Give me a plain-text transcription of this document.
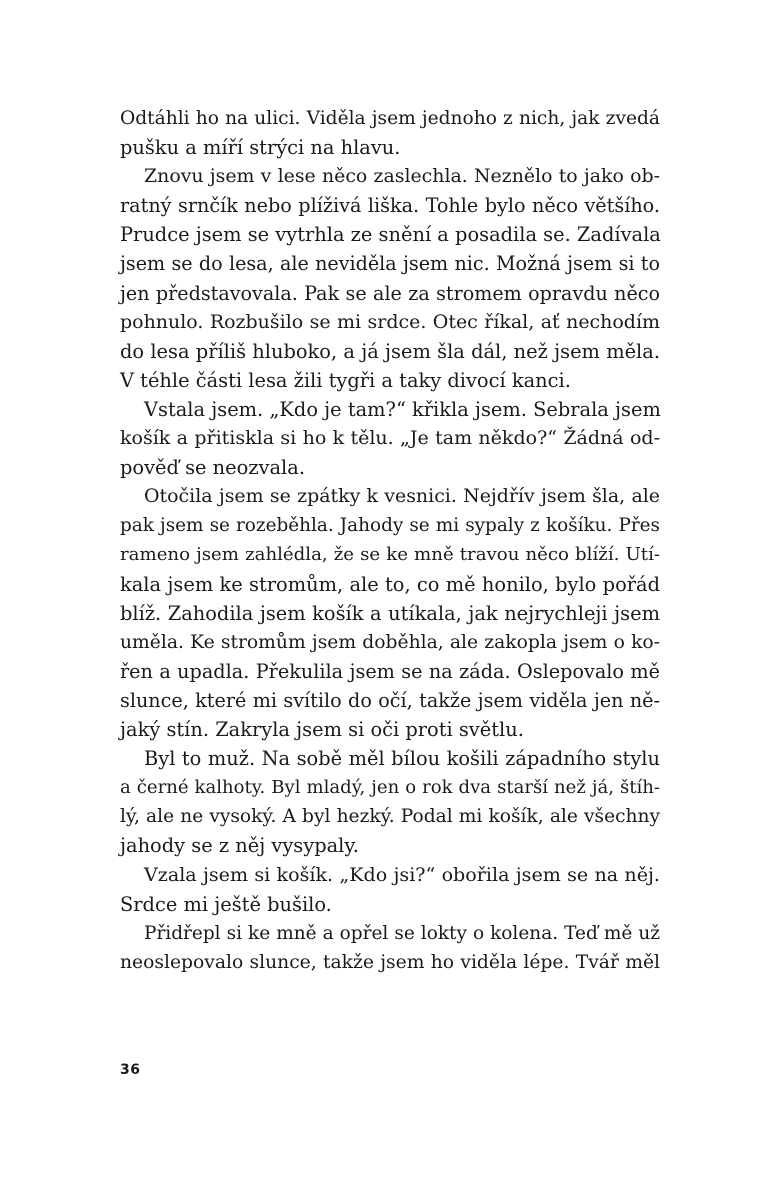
Odtáhli ho na ulici. Viděla jsem jednoho z nich, jak zvedá
pušku a míří strýci na hlavu.
Znovu jsem v lese něco zaslechla. Neznělo to jako ob-
ratný srnčík nebo plíživá liška. Tohle bylo něco většího.
Prudce jsem se vytrhla ze snění a posadila se. Zadívala
jsem se do lesa, ale neviděla jsem nic. Možná jsem si to
jen představovala. Pak se ale za stromem opravdu něco
pohnulo. Rozbušilo se mi srdce. Otec říkal, ať nechodím
do lesa příliš hluboko, a já jsem šla dál, než jsem měla.
V téhle části lesa žili tygři a taky divocí kanci.
Vstala jsem. „Kdo je tam?“ křikla jsem. Sebrala jsem
košík a přitiskla si ho k tělu. „Je tam někdo?“ Žádná od-
pověď se neozvala.
Otočila jsem se zpátky k vesnici. Nejdřív jsem šla, ale
pak jsem se rozeběhla. Jahody se mi sypaly z košíku. Přes
rameno jsem zahlédla, že se ke mně travou něco blíží. Utí-
kala jsem ke stromům, ale to, co mě honilo, bylo pořád
blíž. Zahodila jsem košík a utíkala, jak nejrychleji jsem
uměla. Ke stromům jsem doběhla, ale zakopla jsem o ko-
řen a upadla. Překulila jsem se na záda. Oslepovalo mě
slunce, které mi svítilo do očí, takže jsem viděla jen ně-
jaký stín. Zakryla jsem si oči proti světlu.
Byl to muž. Na sobě měl bílou košili západního stylu
a černé kalhoty. Byl mladý, jen o rok dva starší než já, štíh-
lý, ale ne vysoký. A byl hezký. Podal mi košík, ale všechny
jahody se z něj vysypaly.
Vzala jsem si košík. „Kdo jsi?“ obořila jsem se na něj.
Srdce mi ještě bušilo.
Přidřepl si ke mně a opřel se lokty o kolena. Teď mě už
neoslepovalo slunce, takže jsem ho viděla lépe. Tvář měl
36
